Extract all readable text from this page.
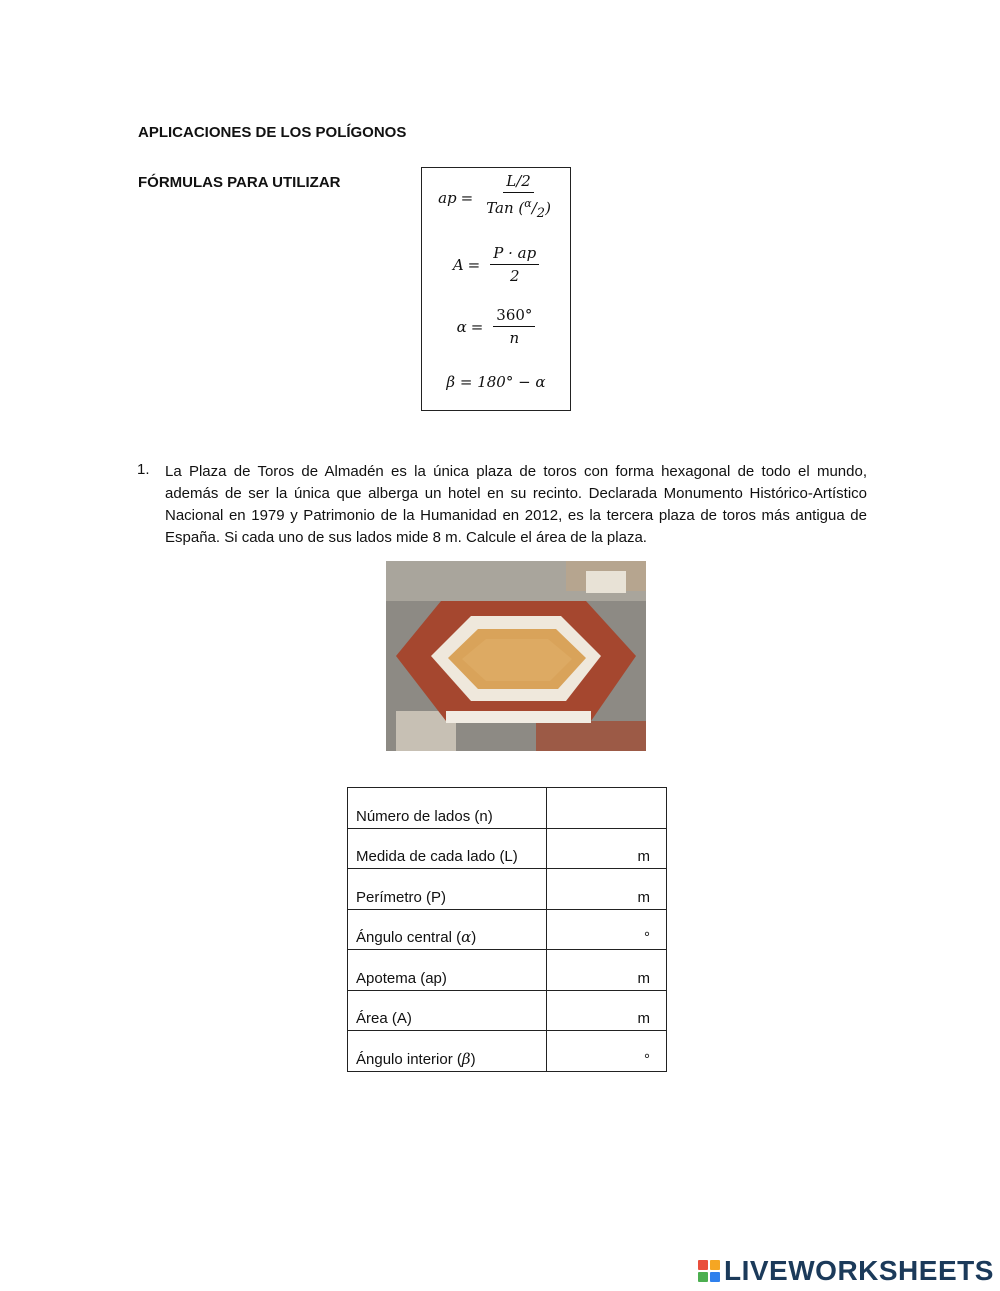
APLICACIONES DE LOS POLÍGONOS
FÓRMULAS PARA UTILIZAR
ap = $\frac{L/2}{Tan (^\alpha/2)}$
$A = \frac{P \cdot ap}{2}$
$\alpha = \frac{360^\circ}{n}$
β = 180° − α
1. La Plaza de Toros de Almadén es la única plaza de toros con forma hexagonal de todo el mundo, además de ser la única que alberga un hotel en su recinto. Declarada Monumento Histórico-Artístico Nacional en 1979 y Patrimonio de la Humanidad en 2012, es la tercera plaza de toros más antigua de España. Si cada uno de sus lados mide 8 m. Calcule el área de la plaza.
Número de lados (n)	
Medida de cada lado (L)	m
Perímetro (P)	m
Ángulo central (α)	°
Apotema (ap)	m
Área (A)	m
Ángulo interior (β)	°
LIVEWORKSHEETS
